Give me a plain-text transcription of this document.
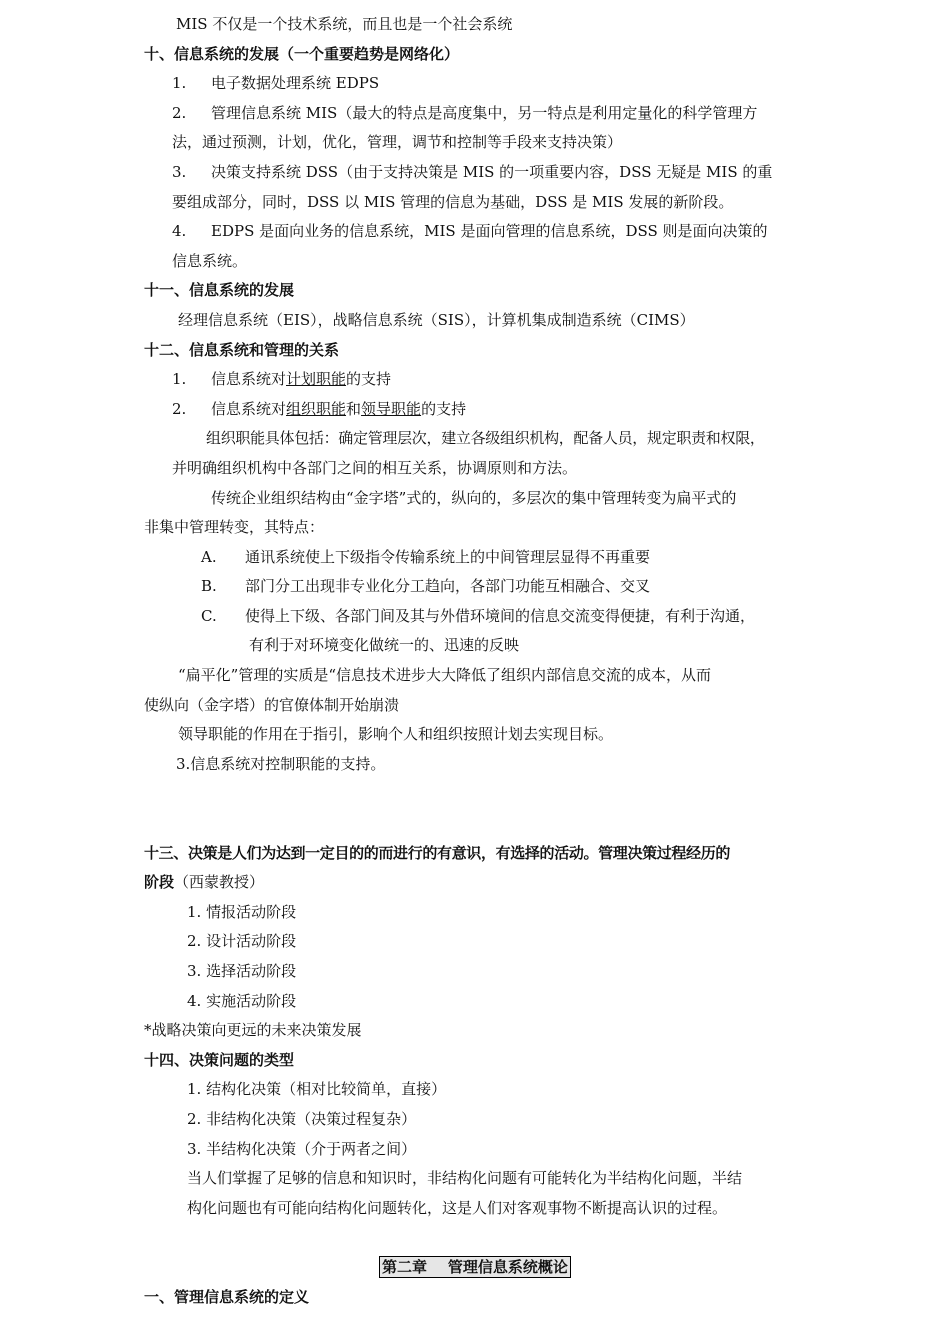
MIS 不仅是一个技术系统，而且也是一个社会系统
十、信息系统的发展（一个重要趋势是网络化）
1. 电子数据处理系统 EDPS
2. 管理信息系统 MIS（最大的特点是高度集中，另一特点是利用定量化的科学管理方
法，通过预测，计划，优化，管理，调节和控制等手段来支持决策）
3. 决策支持系统 DSS（由于支持决策是 MIS 的一项重要内容，DSS 无疑是 MIS 的重
要组成部分，同时，DSS 以 MIS 管理的信息为基础，DSS 是 MIS 发展的新阶段。
4. EDPS 是面向业务的信息系统，MIS 是面向管理的信息系统，DSS 则是面向决策的
信息系统。
十一、信息系统的发展
经理信息系统（EIS），战略信息系统（SIS），计算机集成制造系统（CIMS）
十二、信息系统和管理的关系
1. 信息系统对计划职能的支持
2. 信息系统对组织职能和领导职能的支持
组织职能具体包括：确定管理层次，建立各级组织机构，配备人员，规定职责和权限，
并明确组织机构中各部门之间的相互关系，协调原则和方法。
传统企业组织结构由“金字塔”式的，纵向的，多层次的集中管理转变为扁平式的
非集中管理转变，其特点：
A. 通讯系统使上下级指令传输系统上的中间管理层显得不再重要
B. 部门分工出现非专业化分工趋向，各部门功能互相融合、交叉
C. 使得上下级、各部门间及其与外借环境间的信息交流变得便捷，有利于沟通，
有利于对环境变化做统一的、迅速的反映
“扁平化”管理的实质是“信息技术进步大大降低了组织内部信息交流的成本，从而
使纵向（金字塔）的官僚体制开始崩溃
领导职能的作用在于指引，影响个人和组织按照计划去实现目标。
3.信息系统对控制职能的支持。
十三、决策是人们为达到一定目的的而进行的有意识，有选择的活动。管理决策过程经历的
阶段（西蒙教授）
1. 情报活动阶段
2. 设计活动阶段
3. 选择活动阶段
4. 实施活动阶段
*战略决策向更远的未来决策发展
十四、决策问题的类型
1. 结构化决策（相对比较简单，直接）
2. 非结构化决策（决策过程复杂）
3. 半结构化决策（介于两者之间）
当人们掌握了足够的信息和知识时，非结构化问题有可能转化为半结构化问题，半结
构化问题也有可能向结构化问题转化，这是人们对客观事物不断提高认识的过程。
第二章    管理信息系统概论
一、管理信息系统的定义
